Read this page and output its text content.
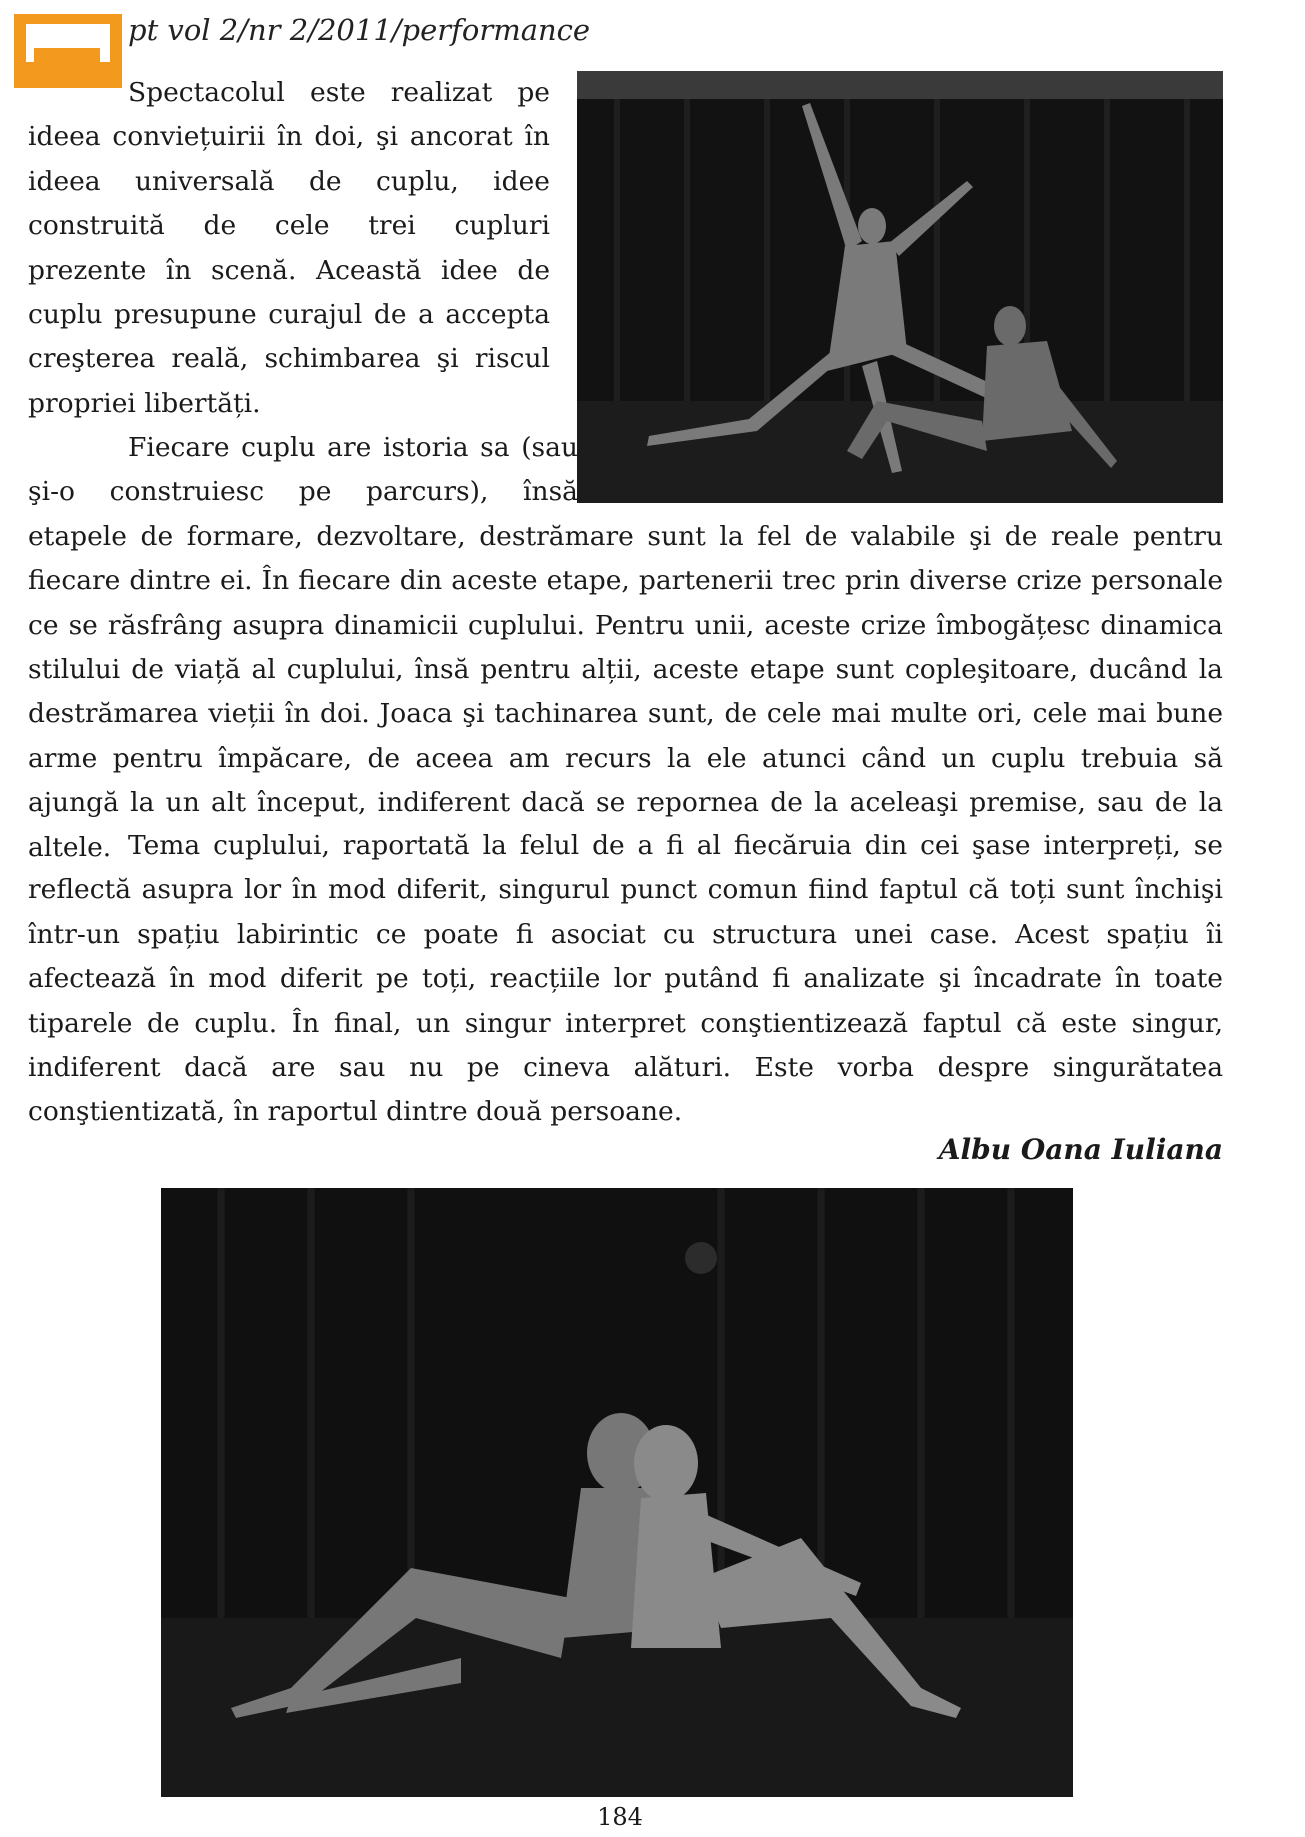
pt vol 2/nr 2/2011/performance

Spectacolul este realizat pe ideea conviețuirii în doi, şi ancorat în ideea universală de cuplu, idee construită de cele trei cupluri prezente în scenă. Această idee de cuplu presupune curajul de a accepta creşterea reală, schimbarea şi riscul propriei libertăți.

Fiecare cuplu are istoria sa (sau şi-o construiesc pe parcurs), însă etapele de formare, dezvoltare, destrămare sunt la fel de valabile şi de reale pentru fiecare dintre ei. În fiecare din aceste etape, partenerii trec prin diverse crize personale ce se răsfrâng asupra dinamicii cuplului. Pentru unii, aceste crize îmbogățesc dinamica stilului de viață al cuplului, însă pentru alții, aceste etape sunt copleşitoare, ducând la destrămarea vieții în doi. Joaca şi tachinarea sunt, de cele mai multe ori, cele mai bune arme pentru împăcare, de aceea am recurs la ele atunci când un cuplu trebuia să ajungă la un alt început, indiferent dacă se repornea de la aceleaşi premise, sau de la altele. Tema cuplului, raportată la felul de a fi al fiecăruia din cei şase interpreți, se reflectă asupra lor în mod diferit, singurul punct comun fiind faptul că toți sunt închişi într-un spațiu labirintic ce poate fi asociat cu structura unei case. Acest spațiu îi afectează în mod diferit pe toți, reacțiile lor putând fi analizate şi încadrate în toate tiparele de cuplu. În final, un singur interpret conştientizează faptul că este singur, indiferent dacă are sau nu pe cineva alături. Este vorba despre singurătatea conştientizată, în raportul dintre două persoane.

Albu Oana Iuliana
184
